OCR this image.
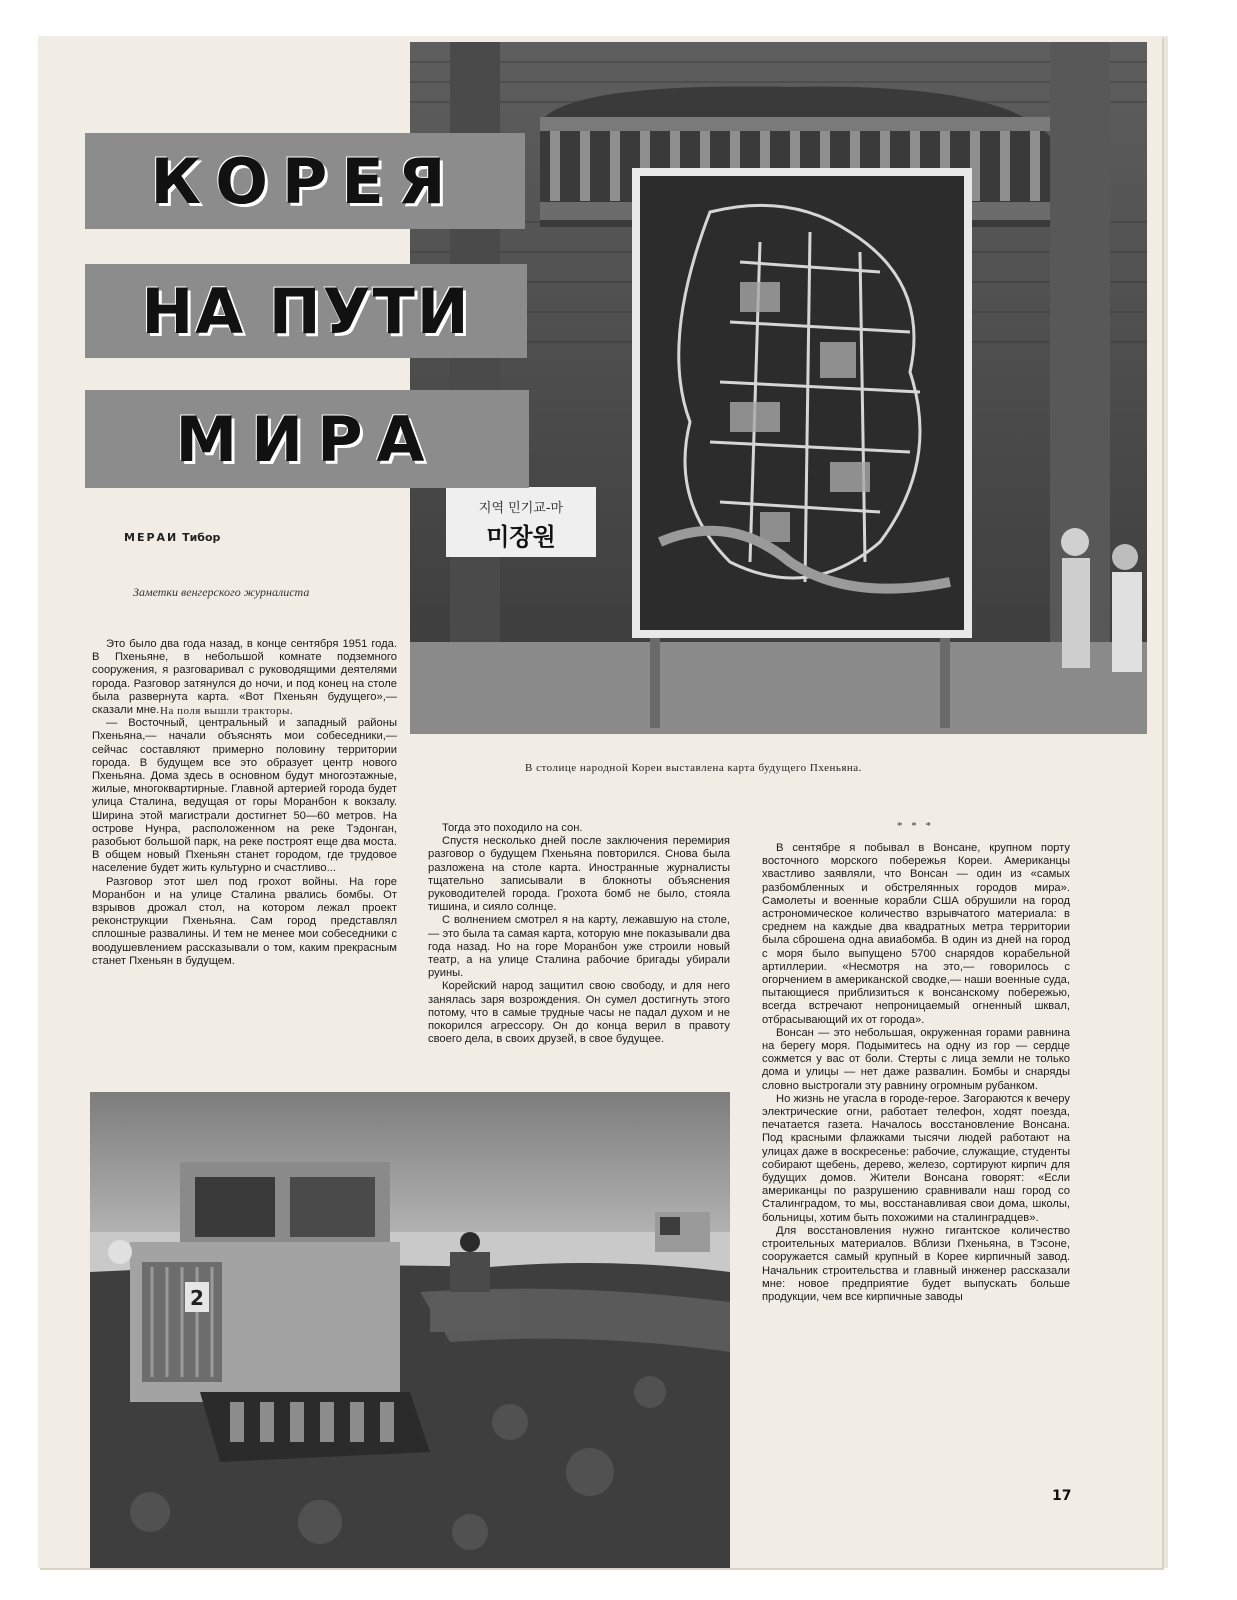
지역 민기교-마
미장원
КОРЕЯ
НА ПУТИ
МИРА
МЕРАИ Тибор
Заметки венгерского журналиста
В столице народной Кореи выставлена карта будущего Пхеньяна.

Это было два года назад, в конце сентября 1951 года. В Пхеньяне, в небольшой комнате подземного сооружения, я разговаривал с руководящими деятелями города. Разговор затянулся до ночи, и под конец на столе была развернута карта. «Вот Пхеньян будущего»,— сказали мне.

— Восточный, центральный и западный районы Пхеньяна,— начали объяснять мои собеседники,— сейчас составляют примерно половину территории города. В будущем все это образует центр нового Пхеньяна. Дома здесь в основном будут многоэтажные, жилые, многоквартирные. Главной артерией города будет улица Сталина, ведущая от горы Моранбон к вокзалу. Ширина этой магистрали достигнет 50—60 метров. На острове Нунра, расположенном на реке Тэдонган, разобьют большой парк, на реке построят еще два моста. В общем новый Пхеньян станет городом, где трудовое население будет жить культурно и счастливо...

Разговор этот шел под грохот войны. На горе Моранбон и на улице Сталина рвались бомбы. От взрывов дрожал стол, на котором лежал проект реконструкции Пхеньяна. Сам город представлял сплошные развалины. И тем не менее мои собеседники с воодушевлением рассказывали о том, каким прекрасным станет Пхеньян в будущем.

На поля вышли тракторы.

Тогда это походило на сон.

Спустя несколько дней после заключения перемирия разговор о будущем Пхеньяна повторился. Снова была разложена на столе карта. Иностранные журналисты тщательно записывали в блокноты объяснения руководителей города. Грохота бомб не было, стояла тишина, и сияло солнце.

С волнением смотрел я на карту, лежавшую на столе,— это была та самая карта, которую мне показывали два года назад. Но на горе Моранбон уже строили новый театр, а на улице Сталина рабочие бригады убирали руины.

Корейский народ защитил свою свободу, и для него занялась заря возрождения. Он сумел достигнуть этого потому, что в самые трудные часы не падал духом и не покорился агрессору. Он до конца верил в правоту своего дела, в своих друзей, в свое будущее.

* * *

В сентябре я побывал в Вонсане, крупном порту восточного морского побережья Кореи. Американцы хвастливо заявляли, что Вонсан — один из «самых разбомбленных и обстрелянных городов мира». Самолеты и военные корабли США обрушили на город астрономическое количество взрывчатого материала: в среднем на каждые два квадратных метра территории была сброшена одна авиабомба. В один из дней на город с моря было выпущено 5700 снарядов корабельной артиллерии. «Несмотря на это,— говорилось с огорчением в американской сводке,— наши военные суда, пытающиеся приблизиться к вонсанскому побережью, всегда встречают непроницаемый огненный шквал, отбрасывающий их от города».

Вонсан — это небольшая, окруженная горами равнина на берегу моря. Подымитесь на одну из гор — сердце сожмется у вас от боли. Стерты с лица земли не только дома и улицы — нет даже развалин. Бомбы и снаряды словно выстрогали эту равнину огромным рубанком.

Но жизнь не угасла в городе-герое. Загораются к вечеру электрические огни, работает телефон, ходят поезда, печатается газета. Началось восстановление Вонсана. Под красными флажками тысячи людей работают на улицах даже в воскресенье: рабочие, служащие, студенты собирают щебень, дерево, железо, сортируют кирпич для будущих домов. Жители Вонсана говорят: «Если американцы по разрушению сравнивали наш город со Сталинградом, то мы, восстанавливая свои дома, школы, больницы, хотим быть похожими на сталинградцев».

Для восстановления нужно гигантское количество строительных материалов. Вблизи Пхеньяна, в Тэсоне, сооружается самый крупный в Корее кирпичный завод. Начальник строительства и главный инженер рассказали мне: новое предприятие будет выпускать больше продукции, чем все кирпичные заводы

2
17
